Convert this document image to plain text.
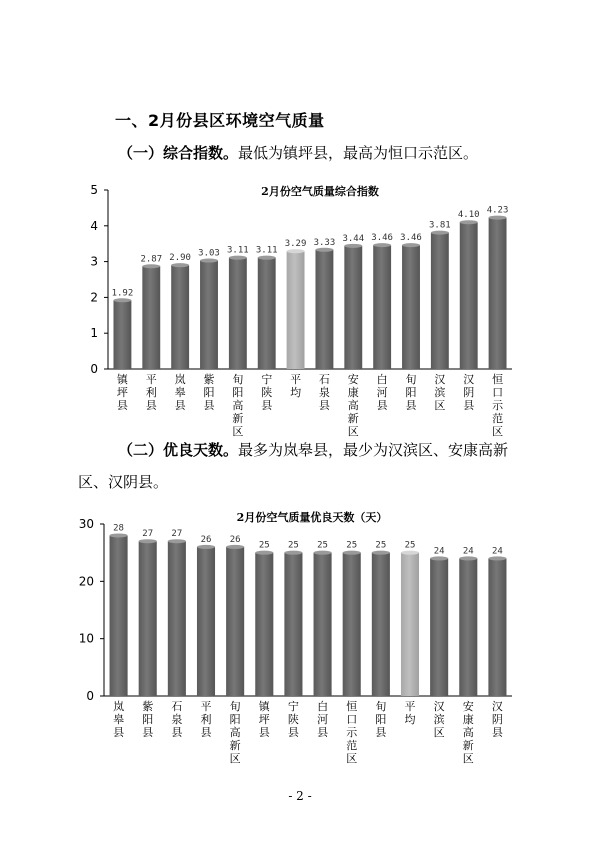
一、2月份县区环境空气质量
（一）综合指数。最低为镇坪县，最高为恒口示范区。
0
1
2
3
4
5	2月份空气质量综合指数
1.92
镇坪县
2.87
平利县
2.90
岚皋县
3.03
紫阳县
3.11
旬阳高新区
3.11
宁陕县
3.29
平均
3.33
石泉县
3.44
安康高新区
3.46
白河县
3.46
旬阳县
3.81
汉滨区
4.10
汉阴县
4.23
恒口示范区
（二）优良天数。最多为岚皋县，最少为汉滨区、安康高新区、汉阴县。
0
10
20
30	2月份空气质量优良天数（天）
28
岚皋县
27
紫阳县
27
石泉县
26
平利县
26
旬阳高新区
25
镇坪县
25
宁陕县
25
白河县
25
恒口示范区
25
旬阳县
25
平均
24
汉滨区
24
安康高新区
24
汉阴县
- 2 -
